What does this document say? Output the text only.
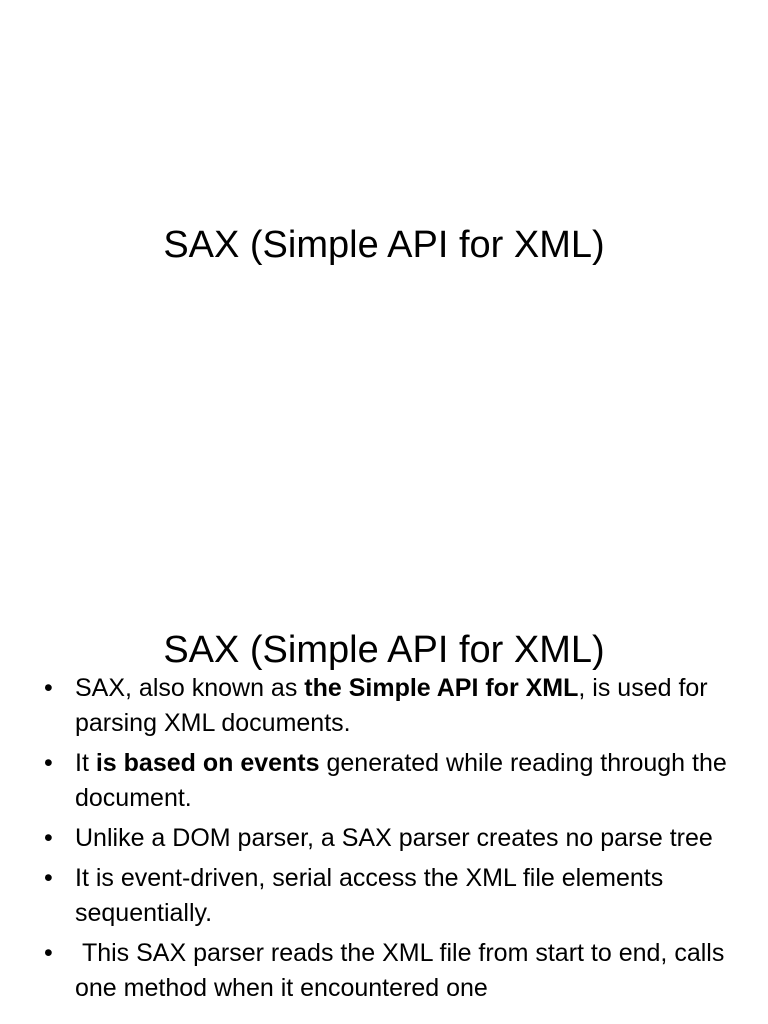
SAX (Simple API for XML)
SAX (Simple API for XML)
• SAX, also known as the Simple API for XML, is used for parsing XML documents.
• It is based on events generated while reading through the document.
• Unlike a DOM parser, a SAX parser creates no parse tree
• It is event-driven, serial access the XML file elements sequentially.
• This SAX parser reads the XML file from start to end, calls one method when it encountered one
